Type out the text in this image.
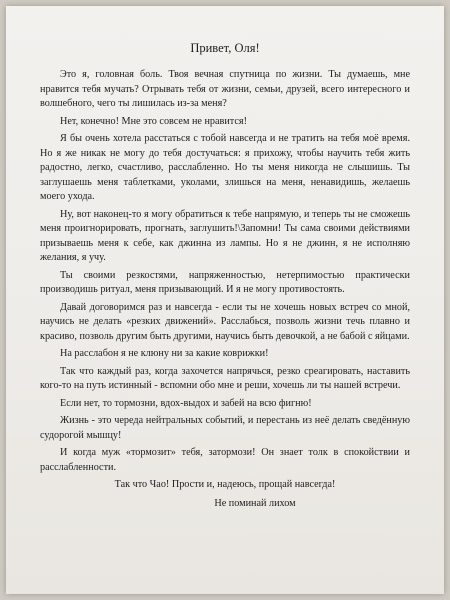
Привет, Оля!

Это я, головная боль. Твоя вечная спутница по жизни. Ты думаешь, мне нравится тебя мучать? Отрывать тебя от жизни, семьи, друзей, всего интересного и волшебного, чего ты лишилась из-за меня?

Нет, конечно! Мне это совсем не нравится!

Я бы очень хотела расстаться с тобой навсегда и не тратить на тебя моё время. Но я же никак не могу до тебя достучаться: я прихожу, чтобы научить тебя жить радостно, легко, счастливо, расслабленно. Но ты меня никогда не слышишь. Ты заглушаешь меня таблетками, уколами, злишься на меня, ненавидишь, желаешь моего ухода.

Ну, вот наконец-то я могу обратиться к тебе напрямую, и теперь ты не сможешь меня проигнорировать, прогнать, заглушить!\Запомни! Ты сама своими действиями призываешь меня к себе, как джинна из лампы. Но я не джинн, я не исполняю желания, я учу.

Ты своими резкостями, напряженностью, нетерпимостью практически производишь ритуал, меня призывающий. И я не могу противостоять.

Давай договоримся раз и навсегда - если ты не хочешь новых встреч со мной, научись не делать «резких движений». Расслабься, позволь жизни течь плавно и красиво, позволь другим быть другими, научись быть девочкой, а не бабой с яйцами.

На расслабон я не клюну ни за какие коврижки!

Так что каждый раз, когда захочется напрячься, резко среагировать, наставить кого-то на путь истинный - вспомни обо мне и реши, хочешь ли ты нашей встречи.

Если нет, то тормозни, вдох-выдох и забей на всю фигню!

Жизнь - это череда нейтральных событий, и перестань из неё делать сведённую судорогой мышцу!

И когда муж «тормозит» тебя, затормози! Он знает толк в спокойствии и расслабленности.

Так что Чао! Прости и, надеюсь, прощай навсегда!

Не поминай лихом
